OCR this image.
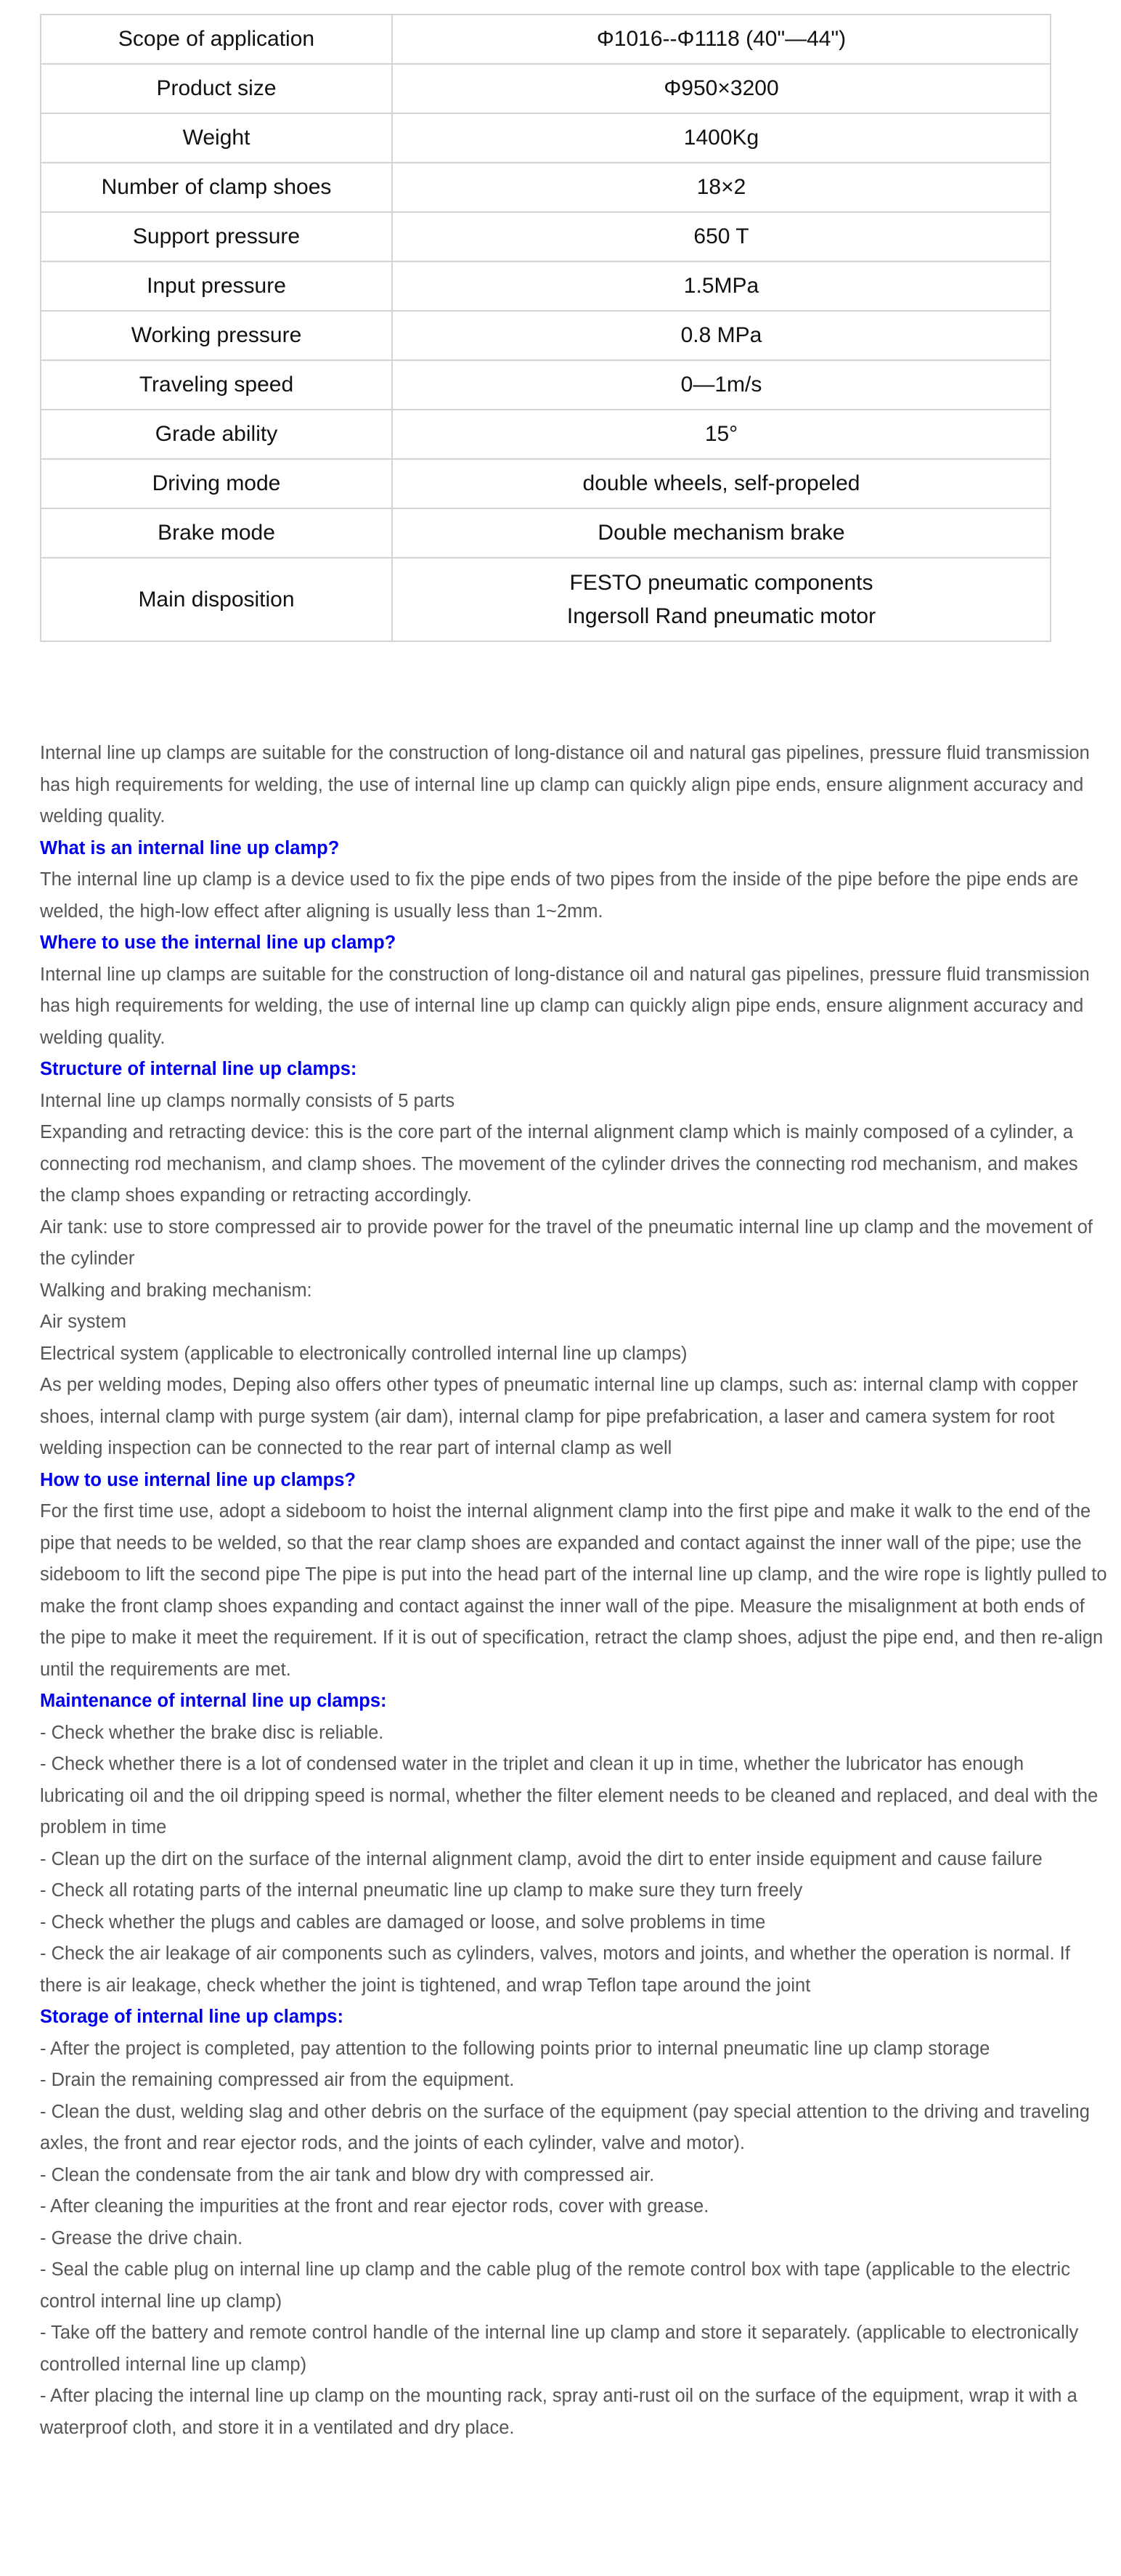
Scope of application	Φ1016--Φ1118 (40"—44")

Product size	Φ950×3200

Weight	1400Kg

Number of clamp shoes	18×2

Support pressure	650 T

Input pressure	1.5MPa

Working pressure	0.8 MPa

Traveling speed	0—1m/s

Grade ability	15°

Driving mode	double wheels, self-propeled

Brake mode	Double mechanism brake

Main disposition	FESTO pneumatic components
Ingersoll Rand pneumatic motor

Internal line up clamps are suitable for the construction of long-distance oil and natural gas pipelines, pressure fluid transmission has high requirements for welding, the use of internal line up clamp can quickly align pipe ends, ensure alignment accuracy and welding quality.

What is an internal line up clamp?

The internal line up clamp is a device used to fix the pipe ends of two pipes from the inside of the pipe before the pipe ends are welded, the high-low effect after aligning is usually less than 1~2mm.

Where to use the internal line up clamp?

Internal line up clamps are suitable for the construction of long-distance oil and natural gas pipelines, pressure fluid transmission has high requirements for welding, the use of internal line up clamp can quickly align pipe ends, ensure alignment accuracy and welding quality.

Structure of internal line up clamps:

Internal line up clamps normally consists of 5 parts

Expanding and retracting device: this is the core part of the internal alignment clamp which is mainly composed of a cylinder, a connecting rod mechanism, and clamp shoes. The movement of the cylinder drives the connecting rod mechanism, and makes the clamp shoes expanding or retracting accordingly.

Air tank: use to store compressed air to provide power for the travel of the pneumatic internal line up clamp and the movement of the cylinder

Walking and braking mechanism:

Air system

Electrical system (applicable to electronically controlled internal line up clamps)

As per welding modes, Deping also offers other types of pneumatic internal line up clamps, such as: internal clamp with copper shoes, internal clamp with purge system (air dam), internal clamp for pipe prefabrication, a laser and camera system for root welding inspection can be connected to the rear part of internal clamp as well

How to use internal line up clamps?

For the first time use, adopt a sideboom to hoist the internal alignment clamp into the first pipe and make it walk to the end of the pipe that needs to be welded, so that the rear clamp shoes are expanded and contact against the inner wall of the pipe; use the sideboom to lift the second pipe The pipe is put into the head part of the internal line up clamp, and the wire rope is lightly pulled to make the front clamp shoes expanding and contact against the inner wall of the pipe. Measure the misalignment at both ends of the pipe to make it meet the requirement. If it is out of specification, retract the clamp shoes, adjust the pipe end, and then re-align until the requirements are met.

Maintenance of internal line up clamps:

- Check whether the brake disc is reliable.

- Check whether there is a lot of condensed water in the triplet and clean it up in time, whether the lubricator has enough lubricating oil and the oil dripping speed is normal, whether the filter element needs to be cleaned and replaced, and deal with the problem in time

- Clean up the dirt on the surface of the internal alignment clamp, avoid the dirt to enter inside equipment and cause failure

- Check all rotating parts of the internal pneumatic line up clamp to make sure they turn freely

- Check whether the plugs and cables are damaged or loose, and solve problems in time

- Check the air leakage of air components such as cylinders, valves, motors and joints, and whether the operation is normal. If there is air leakage, check whether the joint is tightened, and wrap Teflon tape around the joint

Storage of internal line up clamps:

- After the project is completed, pay attention to the following points prior to internal pneumatic line up clamp storage

- Drain the remaining compressed air from the equipment.

- Clean the dust, welding slag and other debris on the surface of the equipment (pay special attention to the driving and traveling axles, the front and rear ejector rods, and the joints of each cylinder, valve and motor).

- Clean the condensate from the air tank and blow dry with compressed air.

- After cleaning the impurities at the front and rear ejector rods, cover with grease.

- Grease the drive chain.

- Seal the cable plug on internal line up clamp and the cable plug of the remote control box with tape (applicable to the electric control internal line up clamp)

- Take off the battery and remote control handle of the internal line up clamp and store it separately. (applicable to electronically controlled internal line up clamp)

- After placing the internal line up clamp on the mounting rack, spray anti-rust oil on the surface of the equipment, wrap it with a waterproof cloth, and store it in a ventilated and dry place.
